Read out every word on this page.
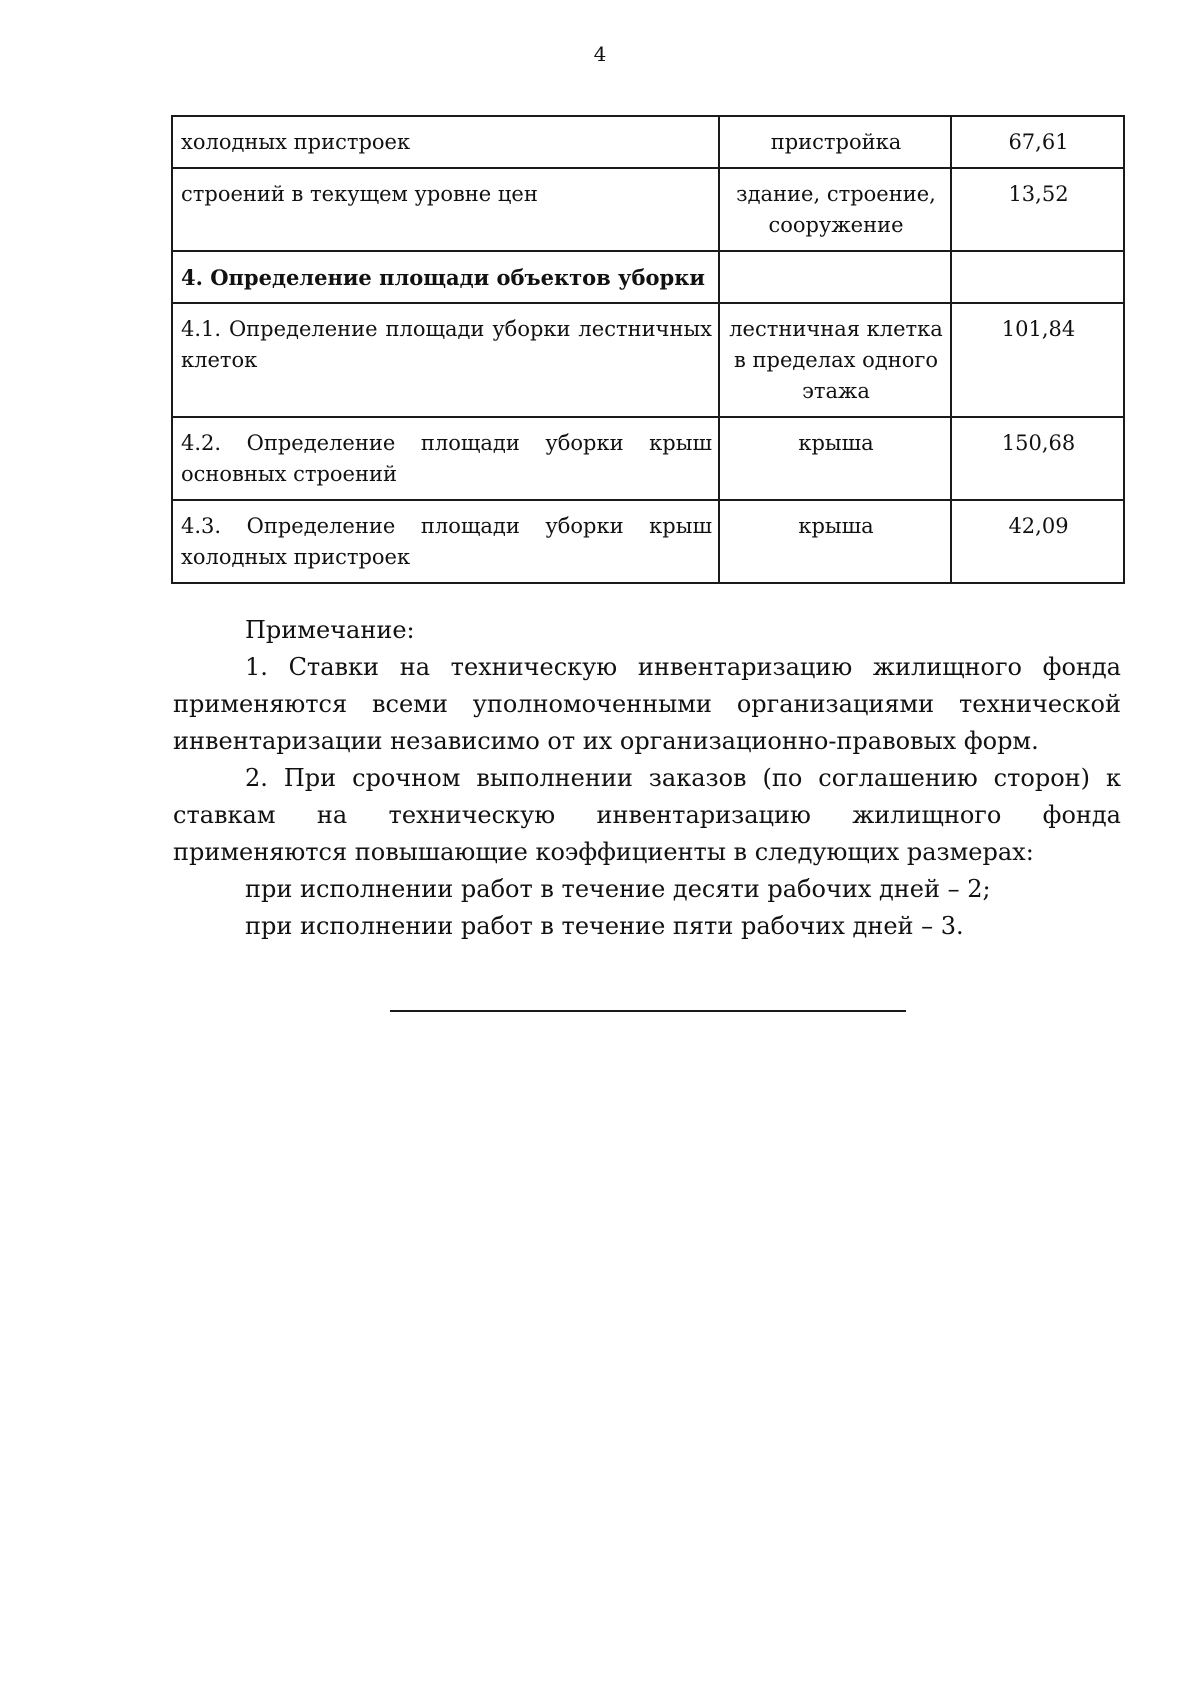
4
холодных пристроек	пристройка	67,61
строений в текущем уровне цен	здание, строение, сооружение	13,52
4. Определение площади объектов уборки		
4.1. Определение площади уборки лестничных клеток	лестничная клетка в пределах одного этажа	101,84
4.2. Определение площади уборки крыш основных строений	крыша	150,68
4.3. Определение площади уборки крыш холодных пристроек	крыша	42,09

Примечание:

1. Ставки на техническую инвентаризацию жилищного фонда применяются всеми уполномоченными организациями технической инвентаризации независимо от их организационно-правовых форм.

2. При срочном выполнении заказов (по соглашению сторон) к ставкам на техническую инвентаризацию жилищного фонда применяются повышающие коэффициенты в следующих размерах:

при исполнении работ в течение десяти рабочих дней – 2;

при исполнении работ в течение пяти рабочих дней – 3.
